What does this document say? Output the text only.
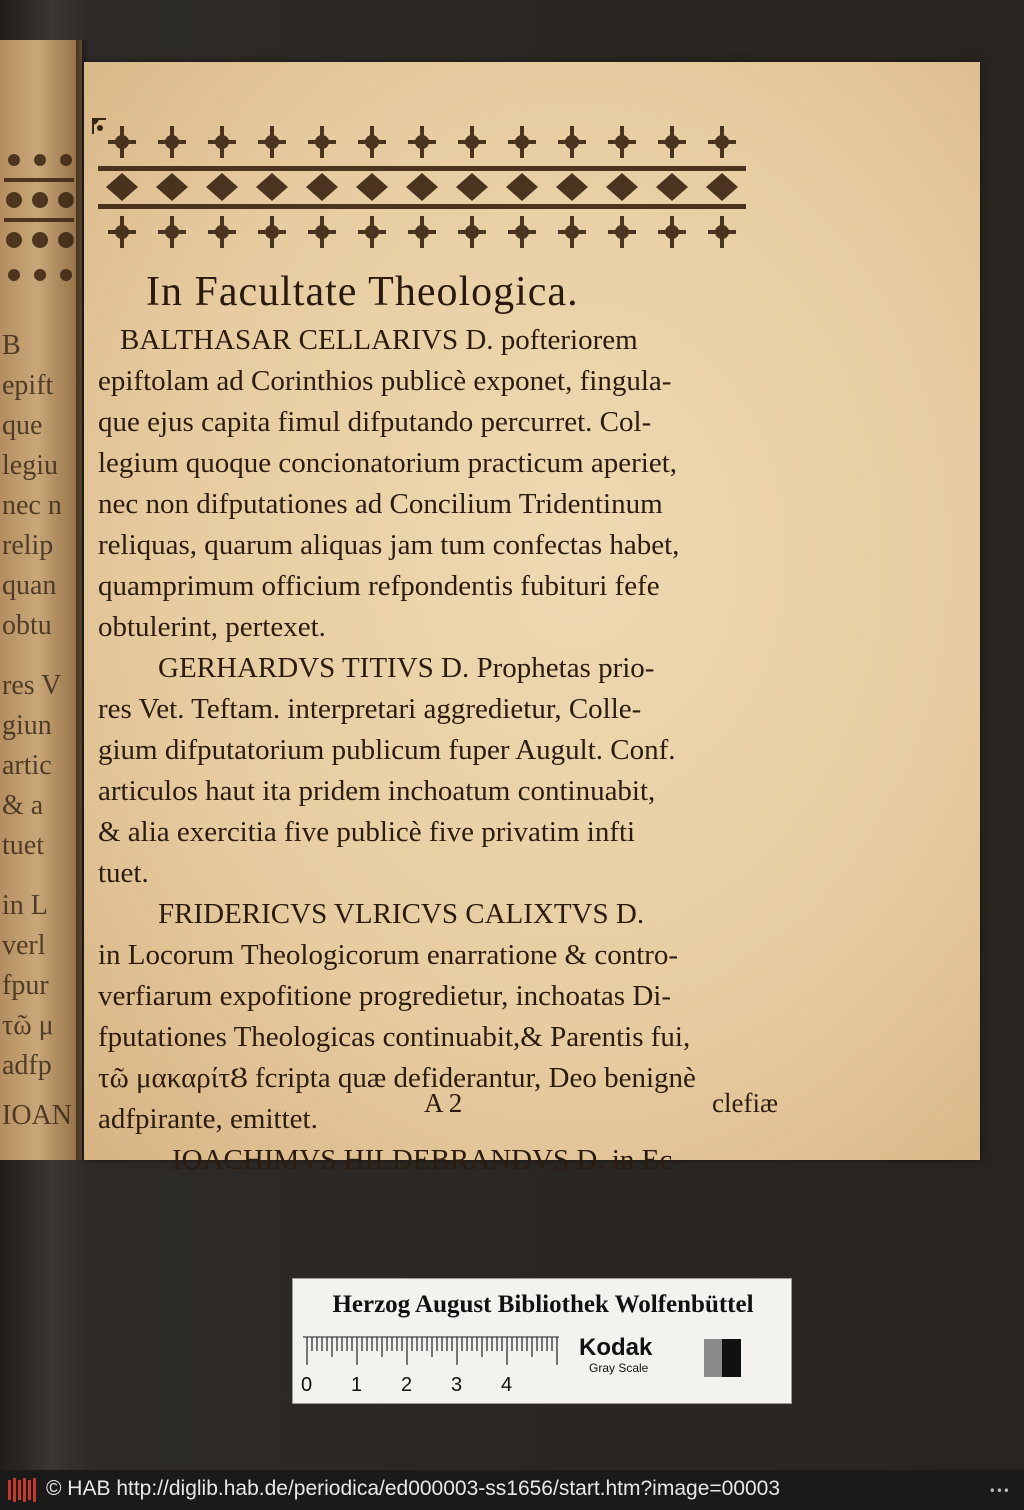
B
epift
que
legiu
nec n
relip
quan
obtu
res V
giun
artic
& a
tuet
in L
verl
fpur
τῶ μ
adfp
IOAN
In Facultate Theologica.
BALTHASAR CELLARIVS D. pofteriorem
epiftolam ad Corinthios publicè exponet, fingula-
que ejus capita fimul difputando percurret. Col-
legium quoque concionatorium practicum aperiet,
nec non difputationes ad Concilium Tridentinum
reliquas, quarum aliquas jam tum confectas habet,
quamprimum officium refpondentis fubituri fefe
obtulerint, pertexet.
GERHARDVS TITIVS D. Prophetas prio-
res Vet. Teftam. interpretari aggredietur, Colle-
gium difputatorium publicum fuper Augult. Conf.
articulos haut ita pridem inchoatum continuabit,
& alia exercitia five publicè five privatim infti
tuet.
FRIDERICVS VLRICVS CALIXTVS D.
in Locorum Theologicorum enarratione & contro-
verfiarum expofitione progredietur, inchoatas Di-
fputationes Theologicas continuabit,& Parentis fui,
τῶ μακαρίτȢ fcripta quæ defiderantur, Deo benignè
adfpirante, emittet.
IOACHIMVS HILDEBRANDVS D. in Ec-
A 2	clefiæ
Herzog August Bibliothek Wolfenbüttel
0 1 2 3 4
Kodak
Gray Scale
© HAB http://diglib.hab.de/periodica/ed000003-ss1656/start.htm?image=00003	•••
